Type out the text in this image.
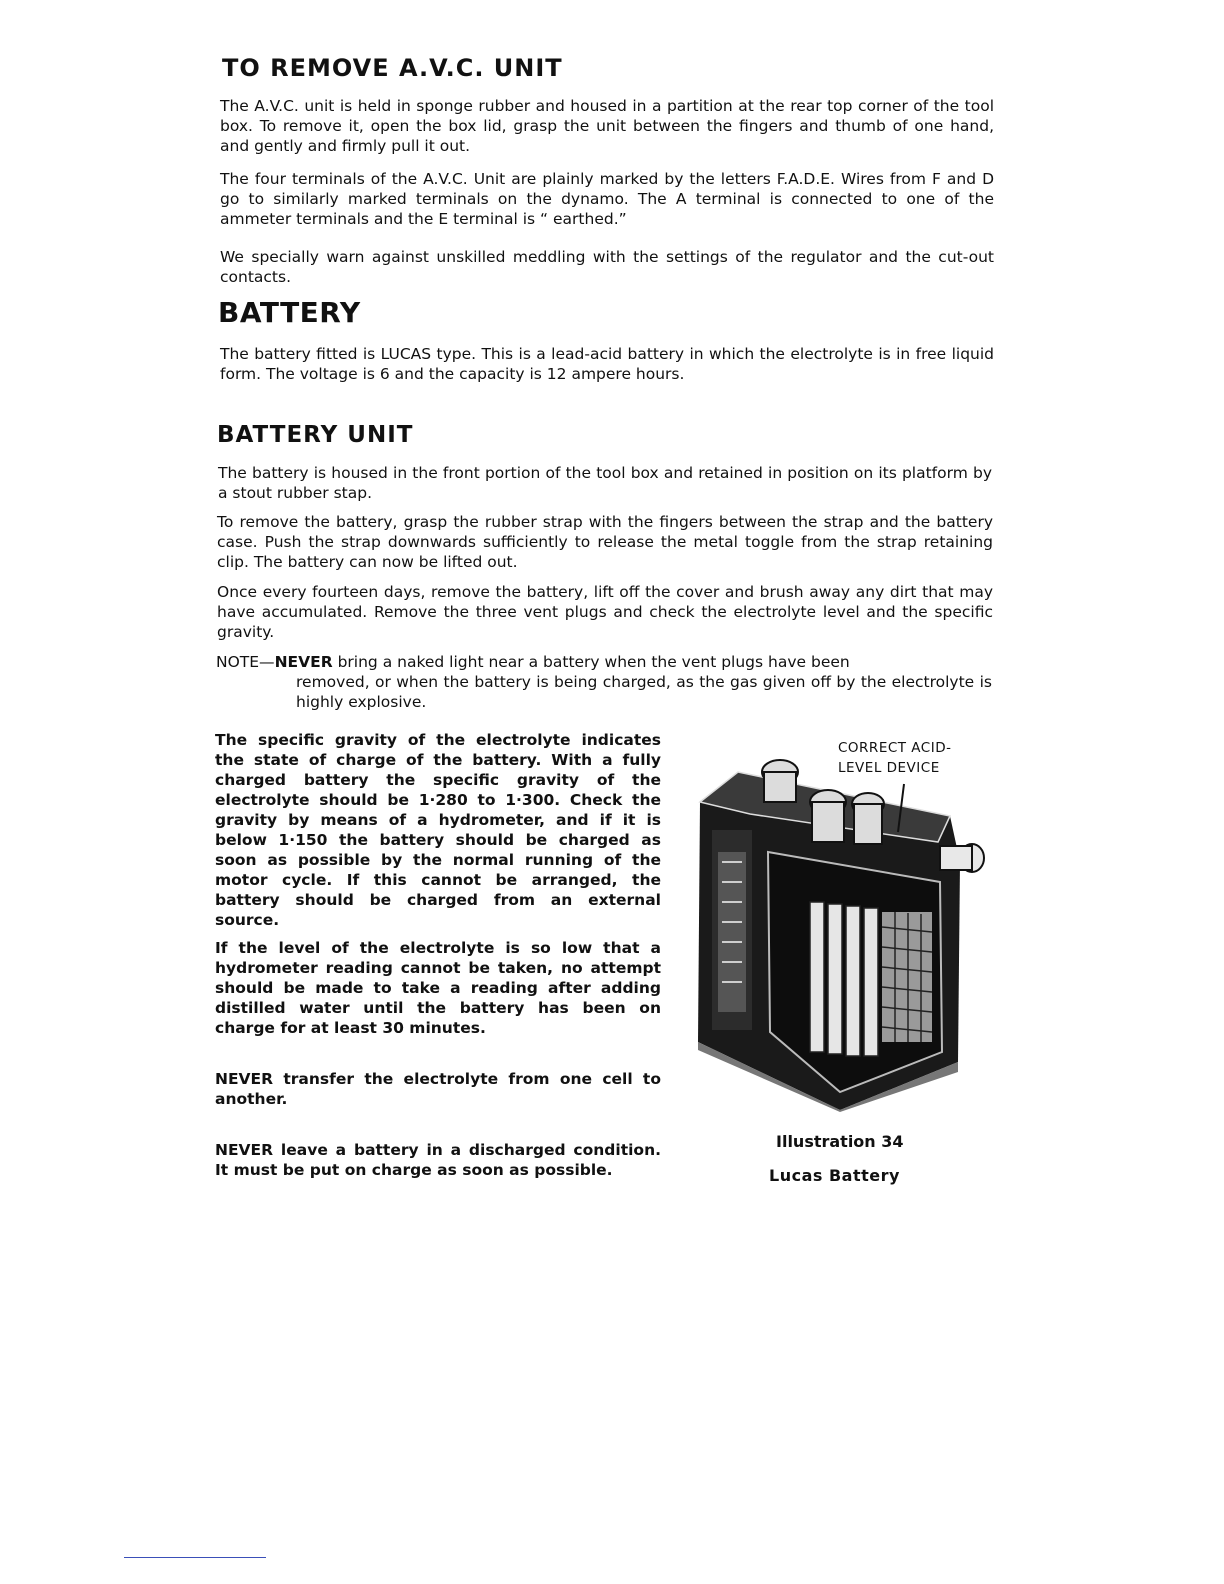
TO REMOVE A.V.C. UNIT

The A.V.C. unit is held in sponge rubber and housed in a partition at the rear top corner of the tool box. To remove it, open the box lid, grasp the unit between the fingers and thumb of one hand, and gently and firmly pull it out.

The four terminals of the A.V.C. Unit are plainly marked by the letters F.A.D.E. Wires from F and D go to similarly marked terminals on the dynamo. The A terminal is connected to one of the ammeter terminals and the E terminal is “ earthed.”

We specially warn against unskilled meddling with the settings of the regulator and the cut-out contacts.

BATTERY

The battery fitted is LUCAS type. This is a lead-acid battery in which the electrolyte is in free liquid form. The voltage is 6 and the capacity is 12 ampere hours.

BATTERY UNIT

The battery is housed in the front portion of the tool box and retained in position on its platform by a stout rubber stap.

To remove the battery, grasp the rubber strap with the fingers between the strap and the battery case. Push the strap downwards sufficiently to release the metal toggle from the strap retaining clip. The battery can now be lifted out.

Once every fourteen days, remove the battery, lift off the cover and brush away any dirt that may have accumulated. Remove the three vent plugs and check the electrolyte level and the specific gravity.

NOTE—NEVER bring a naked light near a battery when the vent plugs have been
removed, or when the battery is being charged, as the gas given off by the electrolyte is highly explosive.

The specific gravity of the electrolyte indicates the state of charge of the battery. With a fully charged battery the specific gravity of the electrolyte should be 1·280 to 1·300. Check the gravity by means of a hydrometer, and if it is below 1·150 the battery should be charged as soon as possible by the normal running of the motor cycle. If this cannot be arranged, the battery should be charged from an external source.

If the level of the electrolyte is so low that a hydrometer reading cannot be taken, no attempt should be made to take a reading after adding distilled water until the battery has been on charge for at least 30 minutes.

NEVER transfer the electrolyte from one cell to another.

NEVER leave a battery in a discharged condition. It must be put on charge as soon as possible.

CORRECT ACID-
LEVEL DEVICE
Illustration 34
Lucas Battery
